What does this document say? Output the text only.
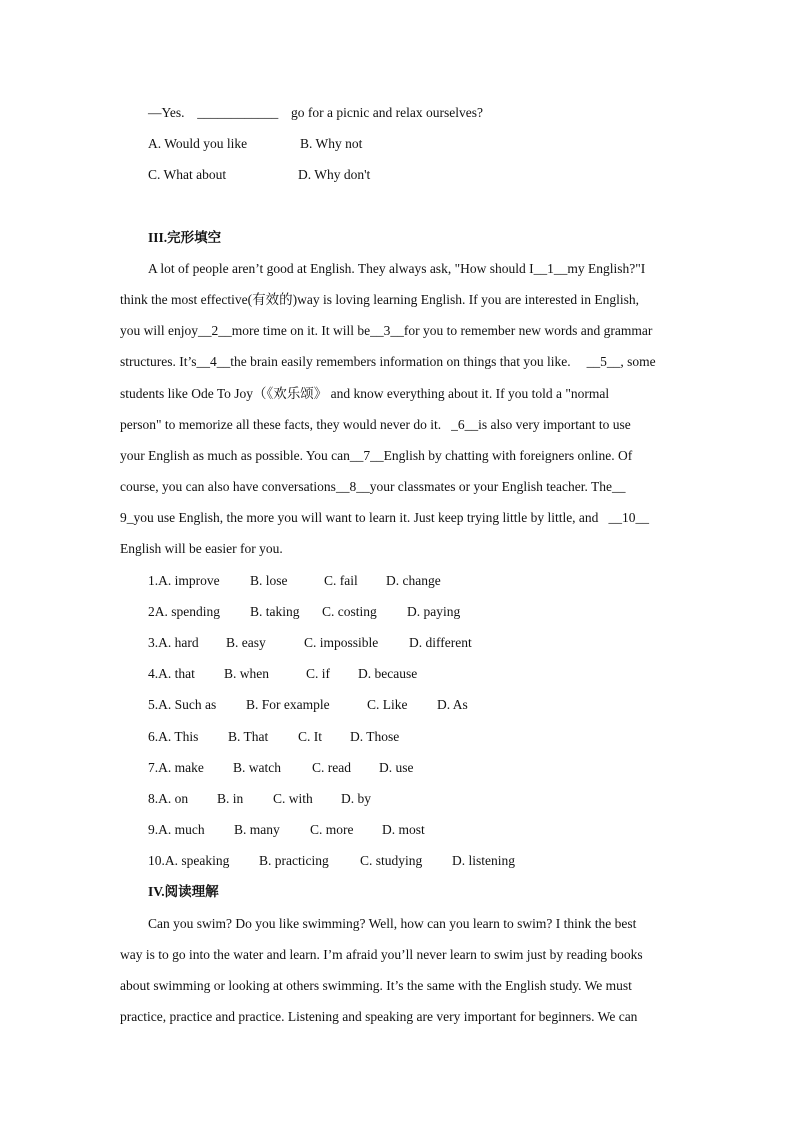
—Yes. ____________ go for a picnic and relax ourselves?
A. Would you like	B. Why not
C. What about	D. Why don't
III.完形填空
A lot of people aren’t good at English. They always ask, "How should I__1__my English?"I
think the most effective(有效的)way is loving learning English. If you are interested in English,
you will enjoy__2__more time on it. It will be__3__for you to remember new words and grammar
structures. It’s__4__the brain easily remembers information on things that you like. __5__, some
students like Ode To Joy（《欢乐颂》 and know everything about it. If you told a "normal
person" to memorize all these facts, they would never do it. _6__is also very important to use
your English as much as possible. You can__7__English by chatting with foreigners online. Of
course, you can also have conversations__8__your classmates or your English teacher. The__
9_you use English, the more you will want to learn it. Just keep trying little by little, and __10__
English will be easier for you.
1.A. improve B. lose	C. fail D. change
2A. spending B. taking C. costing D. paying
3.A. hard B. easy	C. impossible D. different
4.A. that B. when	C. if D. because
5.A. Such as B. For example	C. Like D. As
6.A. This B. That C. It D. Those
7.A. make B. watch C. read D. use
8.A. on B. in C. with D. by
9.A. much B. many C. more D. most
10.A. speaking B. practicing C. studying D. listening
IV.阅读理解
Can you swim? Do you like swimming? Well, how can you learn to swim? I think the best
way is to go into the water and learn. I’m afraid you’ll never learn to swim just by reading books
about swimming or looking at others swimming. It’s the same with the English study. We must
practice, practice and practice. Listening and speaking are very important for beginners. We can
